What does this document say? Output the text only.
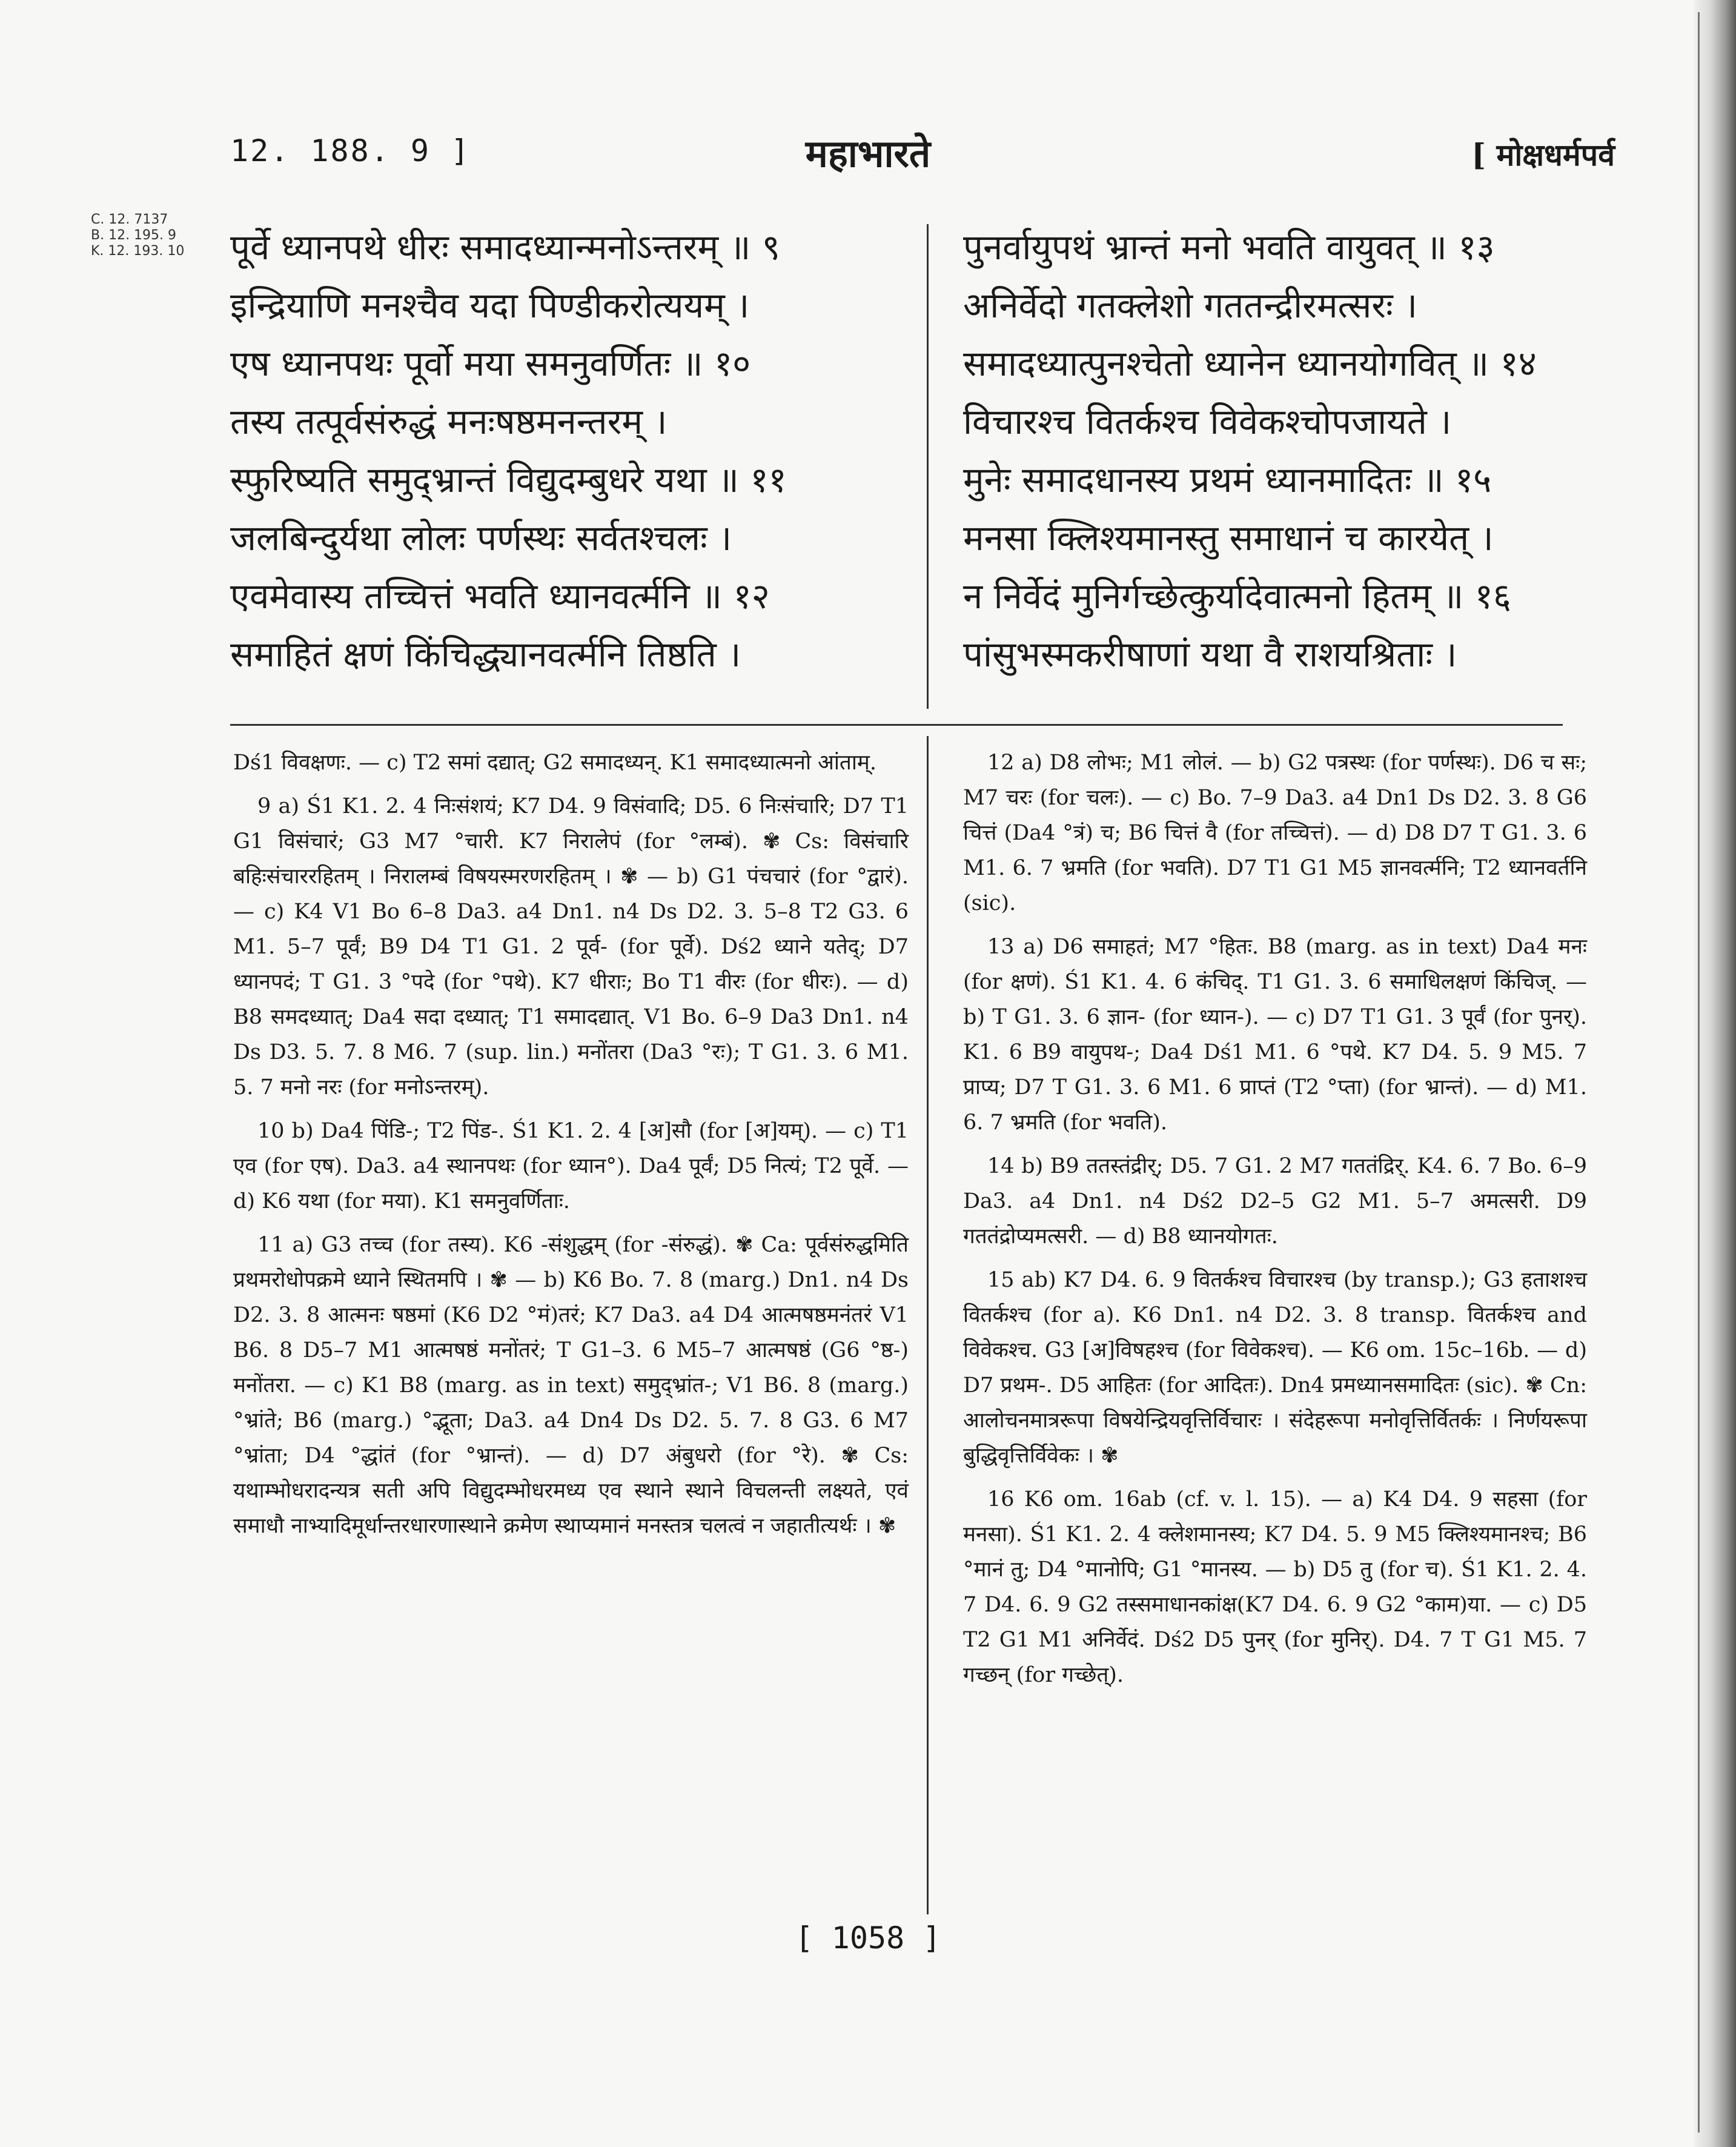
12. 188. 9 ]	महाभारते	[ मोक्षधर्मपर्व
C. 12. 7137
B. 12. 195. 9
K. 12. 193. 10 पूर्वे ध्यानपथे धीरः समादध्यान्मनोऽन्तरम् ॥ ९
इन्द्रियाणि मनश्चैव यदा पिण्डीकरोत्ययम् ।
एष ध्यानपथः पूर्वो मया समनुवर्णितः ॥ १०
तस्य तत्पूर्वसंरुद्धं मनःषष्ठमनन्तरम् ।
स्फुरिष्यति समुद्भ्रान्तं विद्युदम्बुधरे यथा ॥ ११
जलबिन्दुर्यथा लोलः पर्णस्थः सर्वतश्चलः ।
एवमेवास्य तच्चित्तं भवति ध्यानवर्त्मनि ॥ १२
समाहितं क्षणं किंचिद्ध्यानवर्त्मनि तिष्ठति ।
पुनर्वायुपथं भ्रान्तं मनो भवति वायुवत् ॥ १३
अनिर्वेदो गतक्लेशो गततन्द्रीरमत्सरः ।
समादध्यात्पुनश्चेतो ध्यानेन ध्यानयोगवित् ॥ १४
विचारश्च वितर्कश्च विवेकश्चोपजायते ।
मुनेः समादधानस्य प्रथमं ध्यानमादितः ॥ १५
मनसा क्लिश्यमानस्तु समाधानं च कारयेत् ।
न निर्वेदं मुनिर्गच्छेत्कुर्यादेवात्मनो हितम् ॥ १६
पांसुभस्मकरीषाणां यथा वै राशयश्रिताः ।

Dś1 विवक्षणः. — c) T2 समां दद्यात्; G2 समादध्यन्. K1 समादध्यात्मनो आंताम्.

9 a) Ś1 K1. 2. 4 निःसंशयं; K7 D4. 9 विसंवादि; D5. 6 निःसंचारि; D7 T1 G1 विसंचारं; G3 M7 °चारी. K7 निरालेपं (for °लम्बं). ✾ Cs: विसंचारि बहिःसंचाररहितम् । निरालम्बं विषयस्मरणरहितम् । ✾ — b) G1 पंचचारं (for °द्वारं). — c) K4 V1 Bo 6–8 Da3. a4 Dn1. n4 Ds D2. 3. 5–8 T2 G3. 6 M1. 5–7 पूर्वं; B9 D4 T1 G1. 2 पूर्व- (for पूर्वे). Dś2 ध्याने यतेद्; D7 ध्यानपदं; T G1. 3 °पदे (for °पथे). K7 धीराः; Bo T1 वीरः (for धीरः). — d) B8 समदध्यात्; Da4 सदा दध्यात्; T1 समादद्यात्. V1 Bo. 6–9 Da3 Dn1. n4 Ds D3. 5. 7. 8 M6. 7 (sup. lin.) मनोंतरा (Da3 °रः); T G1. 3. 6 M1. 5. 7 मनो नरः (for मनोऽन्तरम्).

10 b) Da4 पिंडि-; T2 पिंड-. Ś1 K1. 2. 4 [अ]सौ (for [अ]यम्). — c) T1 एव (for एष). Da3. a4 स्थानपथः (for ध्यान°). Da4 पूर्वं; D5 नित्यं; T2 पूर्वे. — d) K6 यथा (for मया). K1 समनुवर्णिताः.

11 a) G3 तच्च (for तस्य). K6 -संशुद्धम् (for -संरुद्धं). ✾ Ca: पूर्वसंरुद्धमिति प्रथमरोधोपक्रमे ध्याने स्थितमपि । ✾ — b) K6 Bo. 7. 8 (marg.) Dn1. n4 Ds D2. 3. 8 आत्मनः षष्ठमां (K6 D2 °मं)तरं; K7 Da3. a4 D4 आत्मषष्ठमनंतरं V1 B6. 8 D5–7 M1 आत्मषष्ठं मनोंतरं; T G1–3. 6 M5–7 आत्मषष्ठं (G6 °ष्ठ-) मनोंतरा. — c) K1 B8 (marg. as in text) समुद्भ्रांत-; V1 B6. 8 (marg.) °भ्रांते; B6 (marg.) °द्भूता; Da3. a4 Dn4 Ds D2. 5. 7. 8 G3. 6 M7 °भ्रांता; D4 °द्धांतं (for °भ्रान्तं). — d) D7 अंबुधरो (for °रे). ✾ Cs: यथाम्भोधरादन्यत्र सती अपि विद्युदम्भोधरमध्य एव स्थाने स्थाने विचलन्ती लक्ष्यते, एवं समाधौ नाभ्यादिमूर्धान्तरधारणास्थाने क्रमेण स्थाप्यमानं मनस्तत्र चलत्वं न जहातीत्यर्थः । ✾

12 a) D8 लोभः; M1 लोलं. — b) G2 पत्रस्थः (for पर्णस्थः). D6 च सः; M7 चरः (for चलः). — c) Bo. 7–9 Da3. a4 Dn1 Ds D2. 3. 8 G6 चित्तं (Da4 °त्रं) च; B6 चित्तं वै (for तच्चित्तं). — d) D8 D7 T G1. 3. 6 M1. 6. 7 भ्रमति (for भवति). D7 T1 G1 M5 ज्ञानवर्त्मनि; T2 ध्यानवर्तनि (sic).

13 a) D6 समाहतं; M7 °हितः. B8 (marg. as in text) Da4 मनः (for क्षणं). Ś1 K1. 4. 6 कंचिद्. T1 G1. 3. 6 समाधिलक्षणं किंचिज्. — b) T G1. 3. 6 ज्ञान- (for ध्यान-). — c) D7 T1 G1. 3 पूर्वं (for पुनर्). K1. 6 B9 वायुपथ-; Da4 Dś1 M1. 6 °पथे. K7 D4. 5. 9 M5. 7 प्राप्य; D7 T G1. 3. 6 M1. 6 प्राप्तं (T2 °प्ता) (for भ्रान्तं). — d) M1. 6. 7 भ्रमति (for भवति).

14 b) B9 ततस्तंद्रीर्; D5. 7 G1. 2 M7 गततंद्रिर्. K4. 6. 7 Bo. 6–9 Da3. a4 Dn1. n4 Dś2 D2–5 G2 M1. 5–7 अमत्सरी. D9 गततंद्रोप्यमत्सरी. — d) B8 ध्यानयोगतः.

15 ab) K7 D4. 6. 9 वितर्कश्च विचारश्च (by transp.); G3 हताशश्च वितर्कश्च (for a). K6 Dn1. n4 D2. 3. 8 transp. वितर्कश्च and विवेकश्च. G3 [अ]विषहश्च (for विवेकश्च). — K6 om. 15c–16b. — d) D7 प्रथम-. D5 आहितः (for आदितः). Dn4 प्रमध्यानसमादितः (sic). ✾ Cn: आलोचनमात्ररूपा विषयेन्द्रियवृत्तिर्विचारः । संदेहरूपा मनोवृत्तिर्वितर्कः । निर्णयरूपा बुद्धिवृत्तिर्विवेकः । ✾

16 K6 om. 16ab (cf. v. l. 15). — a) K4 D4. 9 सहसा (for मनसा). Ś1 K1. 2. 4 क्लेशमानस्य; K7 D4. 5. 9 M5 क्लिश्यमानश्च; B6 °मानं तु; D4 °मानोपि; G1 °मानस्य. — b) D5 तु (for च). Ś1 K1. 2. 4. 7 D4. 6. 9 G2 तस्समाधानकांक्ष(K7 D4. 6. 9 G2 °काम)या. — c) D5 T2 G1 M1 अनिर्वेदं. Dś2 D5 पुनर् (for मुनिर्). D4. 7 T G1 M5. 7 गच्छन् (for गच्छेत्).

[ 1058 ]
